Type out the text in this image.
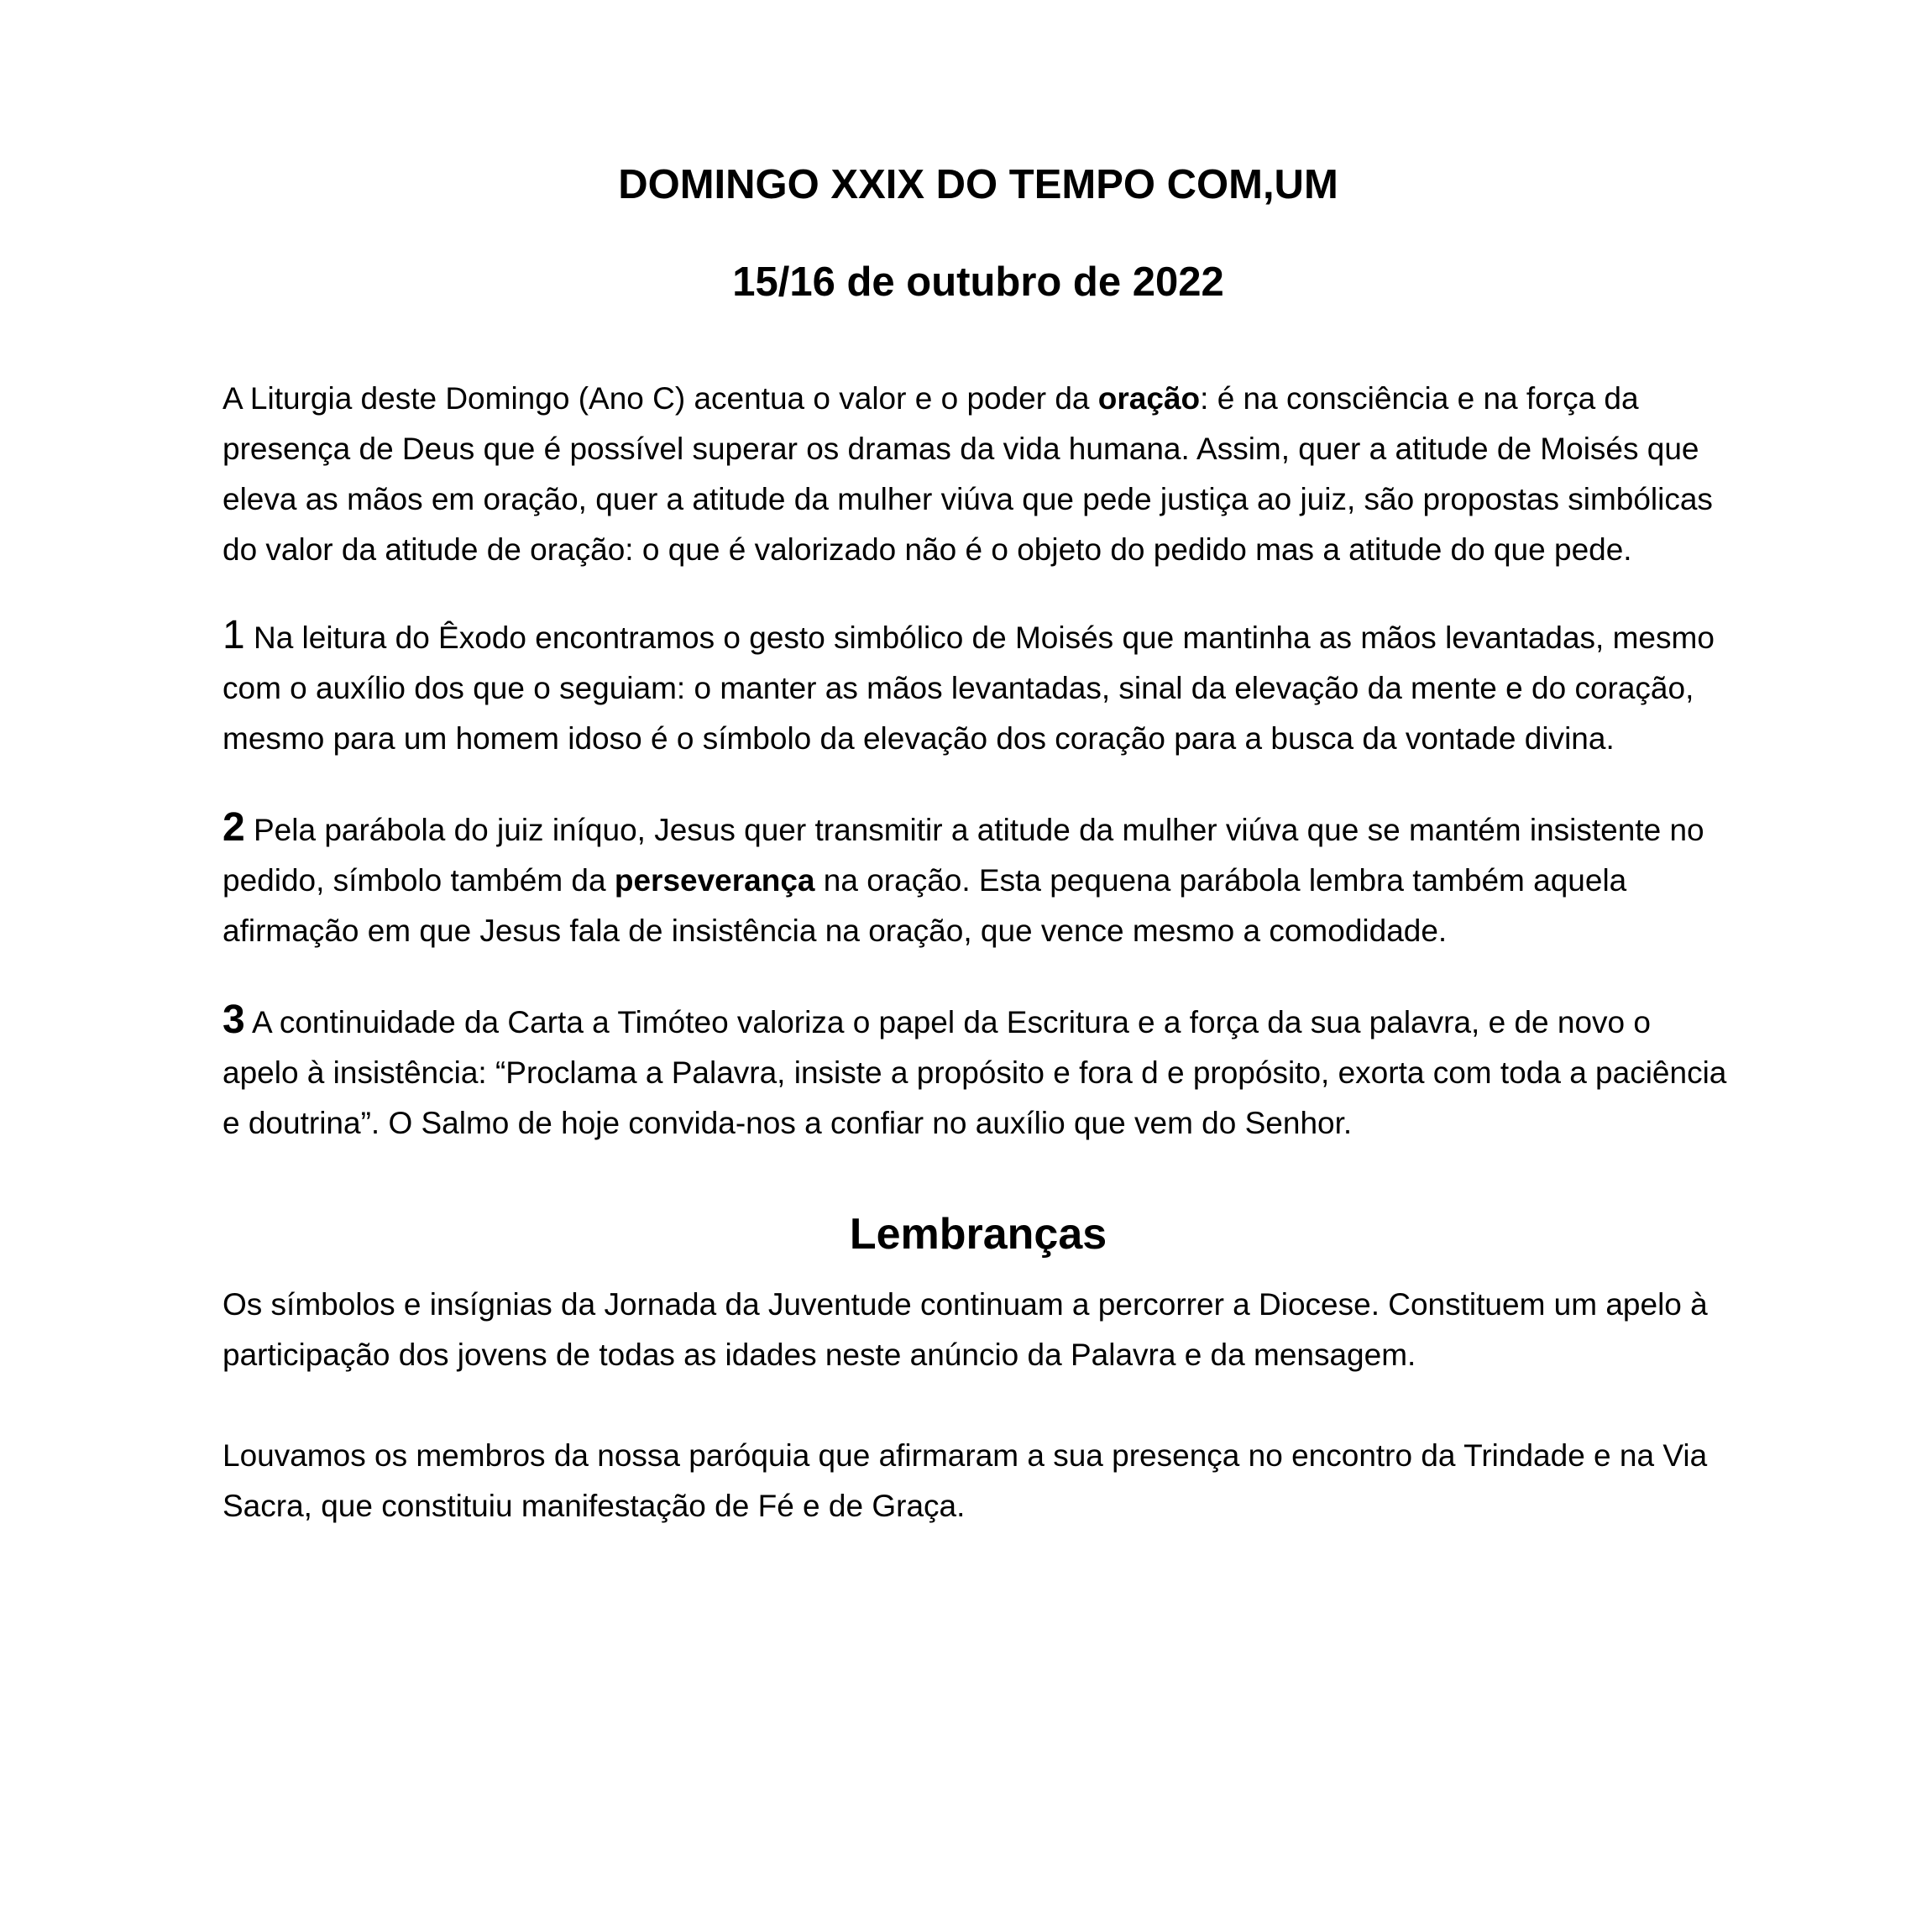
DOMINGO XXIX DO TEMPO COM,UM
15/16 de outubro de 2022

A Liturgia deste Domingo (Ano C) acentua o valor e o poder da oração: é na consciência e na força da presença de Deus que é possível superar os dramas da vida humana. Assim, quer a atitude de Moisés que eleva as mãos em oração, quer a atitude da mulher viúva que pede justiça ao juiz, são propostas simbólicas do valor da atitude de oração: o que é valorizado não é o objeto do pedido mas a atitude do que pede.

1 Na leitura do Êxodo encontramos o gesto simbólico de Moisés que mantinha as mãos levantadas, mesmo com o auxílio dos que o seguiam: o manter as mãos levantadas, sinal da elevação da mente e do coração, mesmo para um homem idoso é o símbolo da elevação dos coração para a busca da vontade divina.

2 Pela parábola do juiz iníquo, Jesus quer transmitir a atitude da mulher viúva que se mantém insistente no pedido, símbolo também da perseverança na oração. Esta pequena parábola lembra também aquela afirmação em que Jesus fala de insistência na oração, que vence mesmo a comodidade.

3 A continuidade da Carta a Timóteo valoriza o papel da Escritura e a força da sua palavra, e de novo o apelo à insistência: “Proclama a Palavra, insiste a propósito e fora d e propósito, exorta com toda a paciência e doutrina”. O Salmo de hoje convida-nos a confiar no auxílio que vem do Senhor.

Lembranças

Os símbolos e insígnias da Jornada da Juventude continuam a percorrer a Diocese. Constituem um apelo à participação dos jovens de todas as idades neste anúncio da Palavra e da mensagem.

Louvamos os membros da nossa paróquia que afirmaram a sua presença no encontro da Trindade e na Via Sacra, que constituiu manifestação de Fé e de Graça.
